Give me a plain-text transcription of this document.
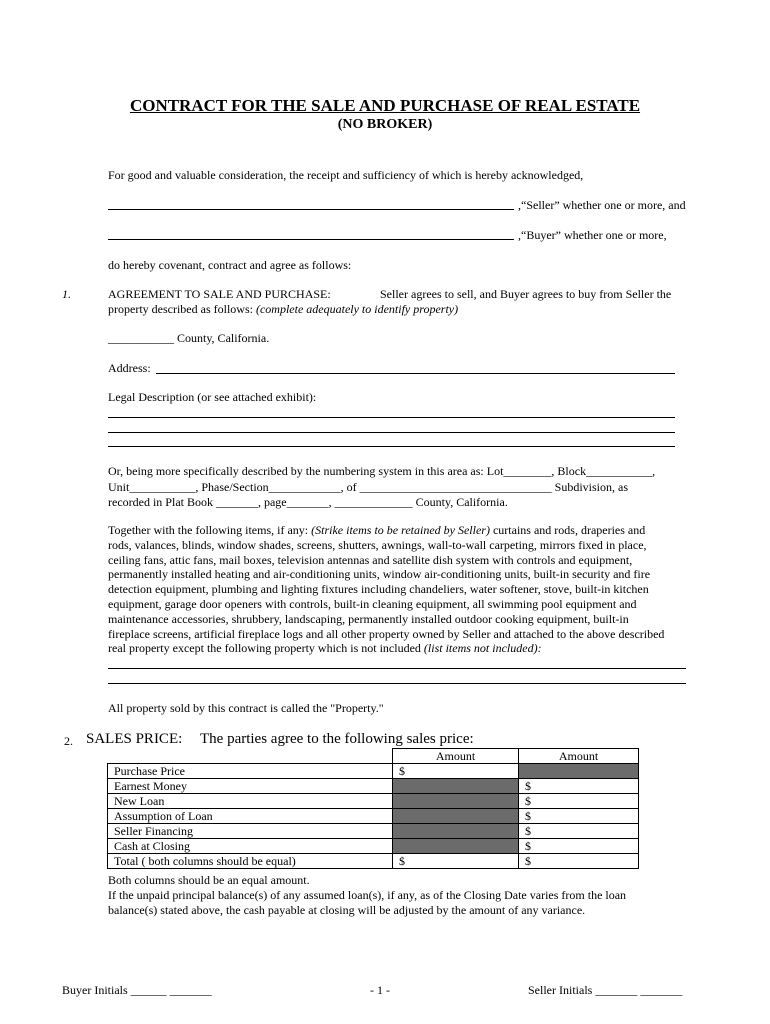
CONTRACT FOR THE SALE AND PURCHASE OF REAL ESTATE
(NO BROKER)
For good and valuable consideration, the receipt and sufficiency of which is hereby acknowledged,
,“Seller” whether one or more, and
,“Buyer” whether one or more,
do hereby covenant, contract and agree as follows:
1.	AGREEMENT TO SALE AND PURCHASE:	Seller agrees to sell, and Buyer agrees to buy from Seller the
property described as follows: (complete adequately to identify property)
___________ County, California.
Address:
Legal Description (or see attached exhibit):
Or, being more specifically described by the numbering system in this area as: Lot________, Block___________,
Unit___________, Phase/Section____________, of ________________________________ Subdivision, as
recorded in Plat Book _______, page_______, _____________ County, California.
Together with the following items, if any: (Strike items to be retained by Seller) curtains and rods, draperies and
rods, valances, blinds, window shades, screens, shutters, awnings, wall-to-wall carpeting, mirrors fixed in place,
ceiling fans, attic fans, mail boxes, television antennas and satellite dish system with controls and equipment,
permanently installed heating and air-conditioning units, window air-conditioning units, built-in security and fire
detection equipment, plumbing and lighting fixtures including chandeliers, water softener, stove, built-in kitchen
equipment, garage door openers with controls, built-in cleaning equipment, all swimming pool equipment and
maintenance accessories, shrubbery, landscaping, permanently installed outdoor cooking equipment, built-in
fireplace screens, artificial fireplace logs and all other property owned by Seller and attached to the above described
real property except the following property which is not included (list items not included):
All property sold by this contract is called the "Property."
2. SALES PRICE: The parties agree to the following sales price:
	Amount	Amount
Purchase Price	$	
Earnest Money		$
New Loan		$
Assumption of Loan		$
Seller Financing		$
Cash at Closing		$
Total ( both columns should be equal)	$	$
Both columns should be an equal amount.
If the unpaid principal balance(s) of any assumed loan(s), if any, as of the Closing Date varies from the loan
balance(s) stated above, the cash payable at closing will be adjusted by the amount of any variance.
Buyer Initials ______ _______	- 1 -	Seller Initials _______ _______
